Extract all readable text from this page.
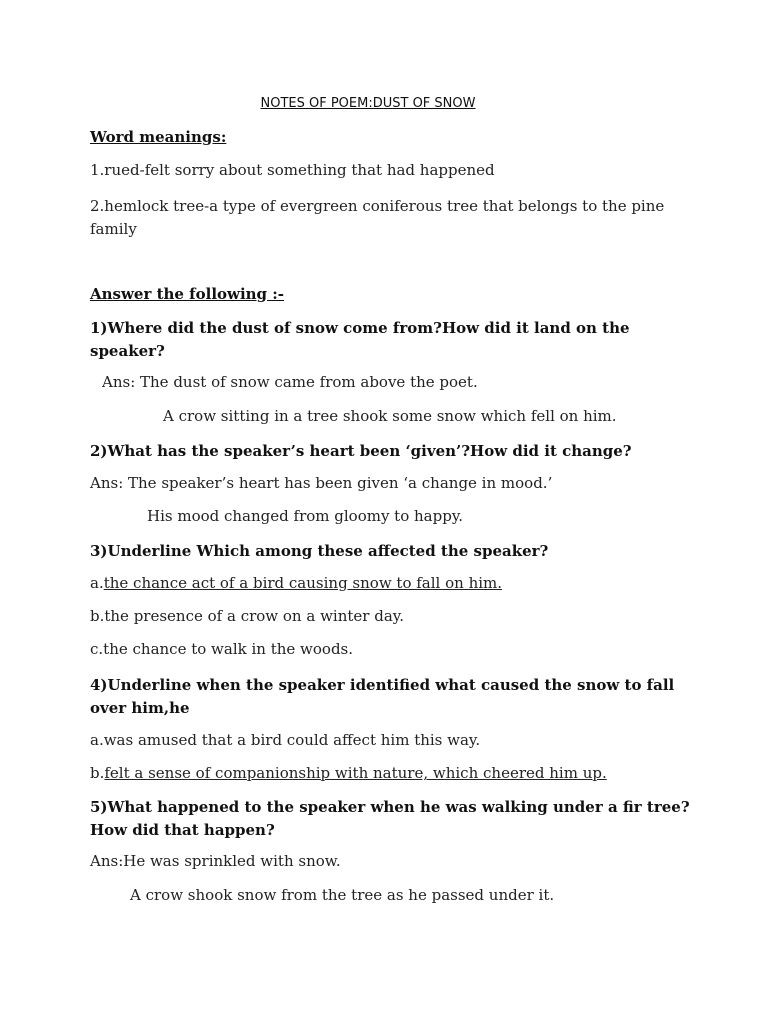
NOTES OF POEM:DUST OF SNOW
Word meanings:
1.rued-felt sorry about something that had happened
2.hemlock tree-a type of evergreen coniferous tree that belongs to the pine family
Answer the following :-
1)Where did the dust of snow come from?How did it land on the speaker?
Ans: The dust of snow came from above the poet.
A crow sitting in a tree shook some snow which fell on him.
2)What has the speaker’s heart been ‘given’?How did it change?
Ans: The speaker’s heart has been given ‘a change in mood.’
His mood changed from gloomy to happy.
3)Underline Which among these affected the speaker?
a.the chance act of a bird causing snow to fall on him.
b.the presence of a crow on a winter day.
c.the chance to walk in the woods.
4)Underline when the speaker identified what caused the snow to fall over him,he
a.was amused that a bird could affect him this way.
b.felt a sense of companionship with nature, which cheered him up.
5)What happened to the speaker when he was walking under a fir tree? How did that happen?
Ans:He was sprinkled with snow.
A crow shook snow from the tree as he passed under it.
